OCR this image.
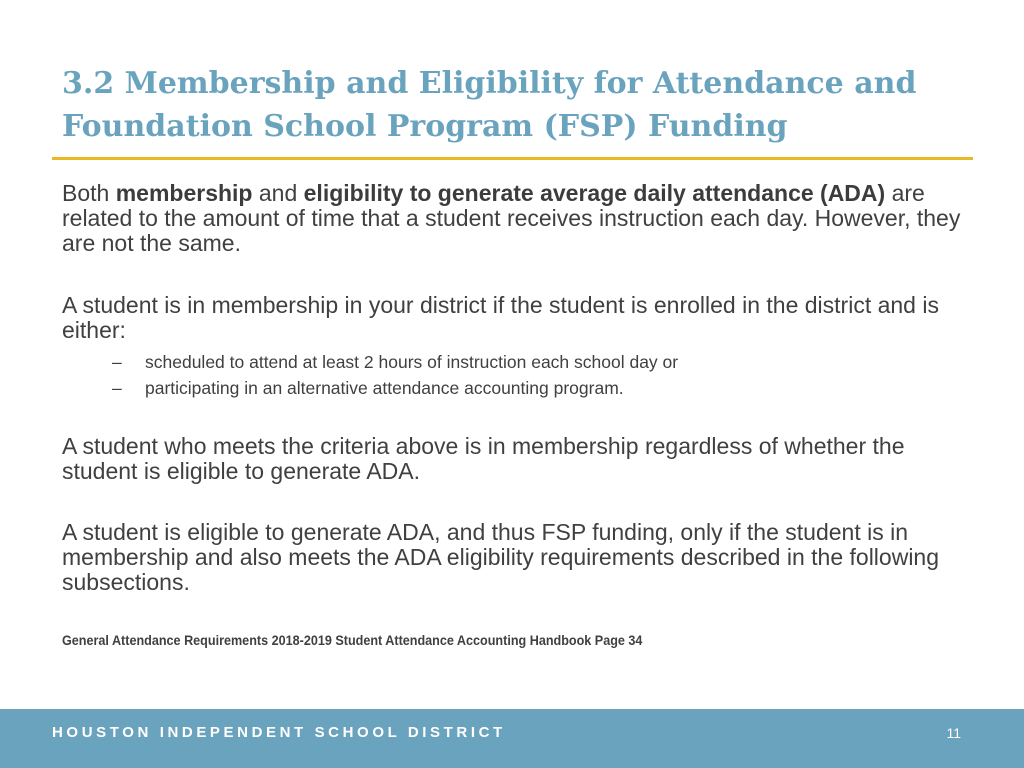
3.2 Membership and Eligibility for Attendance and
Foundation School Program (FSP) Funding

Both membership and eligibility to generate average daily attendance (ADA) are related to the amount of time that a student receives instruction each day. However, they are not the same.

A student is in membership in your district if the student is enrolled in the district and is either:

– scheduled to attend at least 2 hours of instruction each school day or
– participating in an alternative attendance accounting program.

A student who meets the criteria above is in membership regardless of whether the student is eligible to generate ADA.

A student is eligible to generate ADA, and thus FSP funding, only if the student is in membership and also meets the ADA eligibility requirements described in the following subsections.

General Attendance Requirements 2018-2019 Student Attendance Accounting Handbook Page 34

HOUSTON INDEPENDENT SCHOOL DISTRICT	11
